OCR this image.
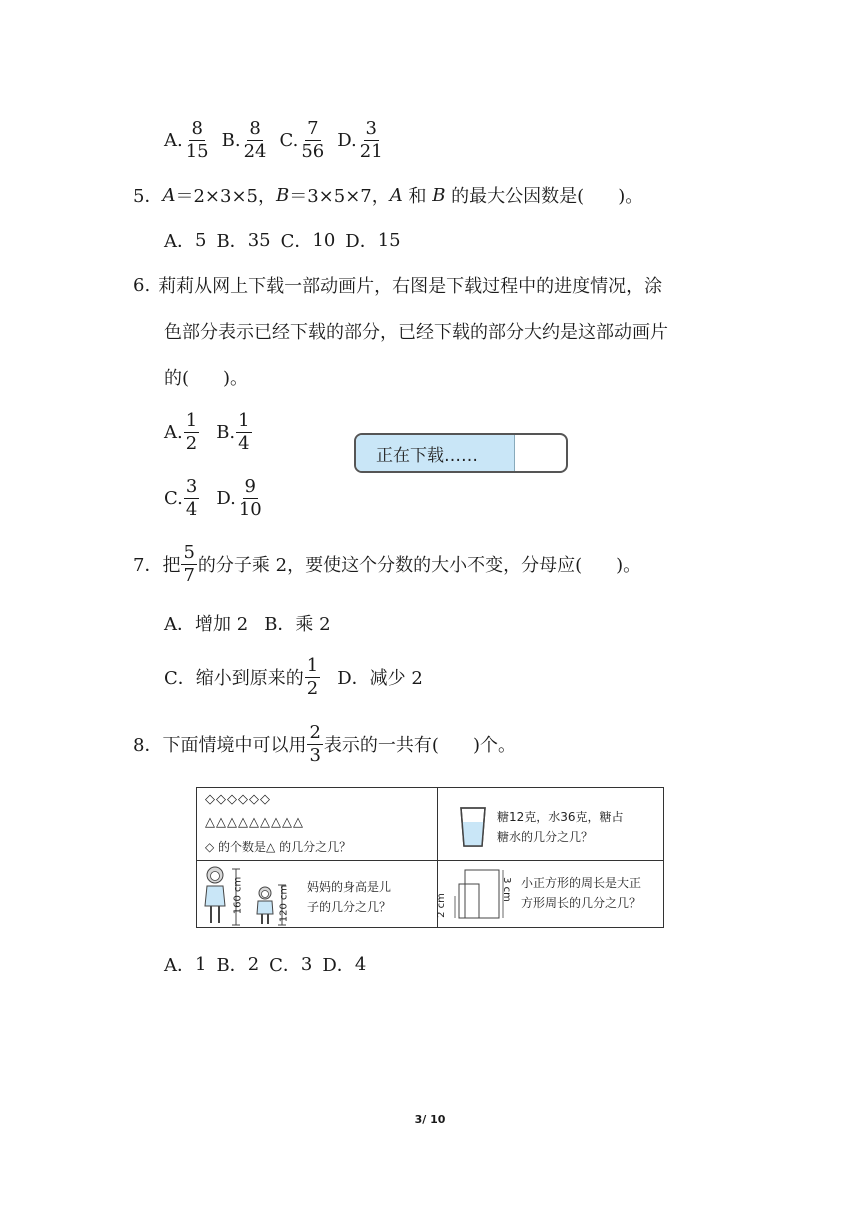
A. $\frac{8}{15} B$. $\frac{8}{24} C$. $\frac{7}{56} D$. $\frac{3}{21}$
5． A ＝2×3×5， B ＝3×5×7， A 和 B 的最大公因数是( )。
A． 5 B． 35 C． 10 D． 15
6. 莉莉从网上下载一部动画片，右图是下载过程中的进度情况，涂
色部分表示已经下载的部分，已经下载的部分大约是这部动画片
的( )。
A. $\frac{1}{2} B$. $\frac{1}{4}$
C. $\frac{3}{4} D$. $\frac{9}{10}$
正在下载……
7． 把 $\frac{5}{7}$ 的分子乘 2，要使这个分数的大小不变，分母应( )。
A．增加 2 B．乘 2
C．缩小到原来的 $\frac{1}{2}$ D．减少 2
8． 下面情境中可以用 $\frac{2}{3}$ 表示的一共有( )个。
◇◇◇◇◇◇
△△△△△△△△△
◇ 的个数是△ 的几分之几？
糖12克，水36克，糖占
糖水的几分之几？
160 cm	120 cm 妈妈的身高是儿
子的几分之几？	2 cm
3 cm 小正方形的周长是大正
方形周长的几分之几？
A． 1 B． 2 C． 3 D． 4
3/ 10
